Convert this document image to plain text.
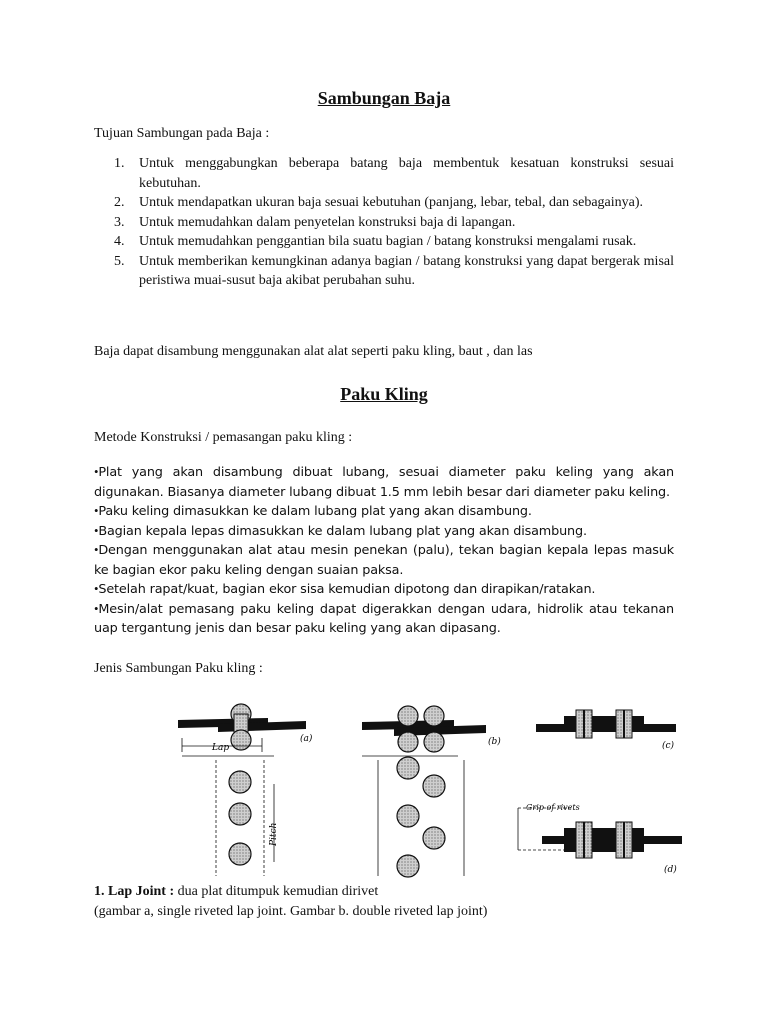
Sambungan Baja
Tujuan Sambungan pada Baja :
1. Untuk menggabungkan beberapa batang baja membentuk kesatuan konstruksi sesuai kebutuhan.
2. Untuk mendapatkan ukuran baja sesuai kebutuhan (panjang, lebar, tebal, dan sebagainya).
3. Untuk memudahkan dalam penyetelan konstruksi baja di lapangan.
4. Untuk memudahkan penggantian bila suatu bagian / batang konstruksi mengalami rusak.
5. Untuk memberikan kemungkinan adanya bagian / batang konstruksi yang dapat bergerak misal peristiwa muai-susut baja akibat perubahan suhu.
Baja dapat disambung menggunakan alat alat seperti paku kling, baut , dan las
Paku Kling
Metode Konstruksi / pemasangan paku kling :
•Plat yang akan disambung dibuat lubang, sesuai diameter paku keling yang akan digunakan. Biasanya diameter lubang dibuat 1.5 mm lebih besar dari diameter paku keling.
•Paku keling dimasukkan ke dalam lubang plat yang akan disambung.
•Bagian kepala lepas dimasukkan ke dalam lubang plat yang akan disambung.
•Dengan menggunakan alat atau mesin penekan (palu), tekan bagian kepala lepas masuk ke bagian ekor paku keling dengan suaian paksa.
•Setelah rapat/kuat, bagian ekor sisa kemudian dipotong dan dirapikan/ratakan.
•Mesin/alat pemasang paku keling dapat digerakkan dengan udara, hidrolik atau tekanan uap tergantung jenis dan besar paku keling yang akan dipasang.
Jenis Sambungan Paku kling :
Lap
(a)
Pitch
(b)	(c)
Grip of rivets
(d)
1. Lap Joint : dua plat ditumpuk kemudian dirivet
(gambar a, single riveted lap joint. Gambar b. double riveted lap joint)
